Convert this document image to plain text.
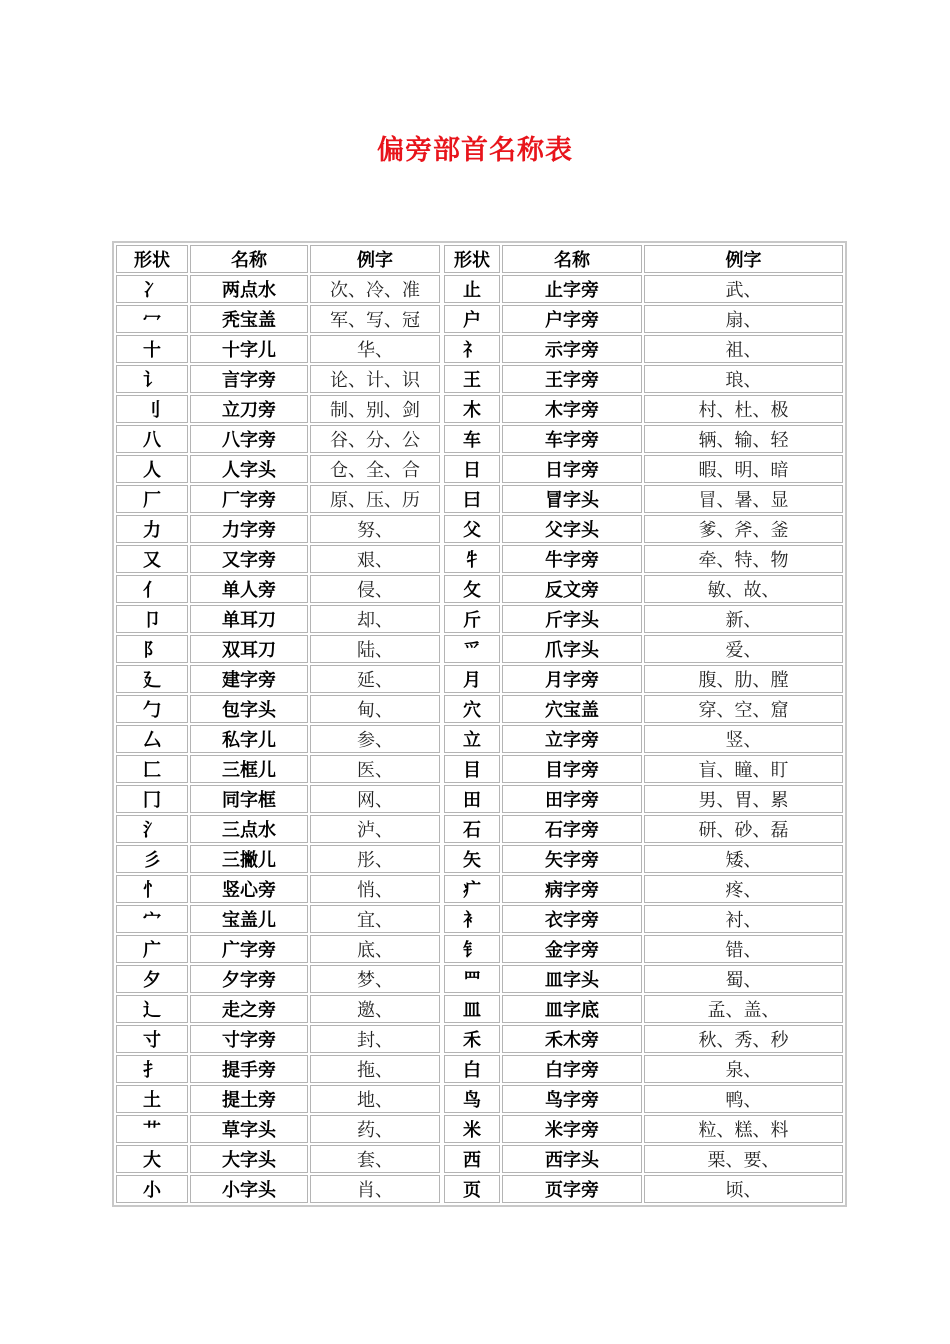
偏旁部首名称表
形状	名称	例字		形状	名称	例字
冫	两点水	次、冷、准		止	止字旁	武、
冖	秃宝盖	军、写、冠		户	户字旁	扇、
十	十字儿	华、		礻	示字旁	祖、
讠	言字旁	论、计、识		王	王字旁	琅、
刂	立刀旁	制、别、剑		木	木字旁	村、杜、极
八	八字旁	谷、分、公		车	车字旁	辆、输、轻
人	人字头	仓、全、合		日	日字旁	暇、明、暗
厂	厂字旁	原、压、历		曰	冒字头	冒、暑、显
力	力字旁	努、		父	父字头	爹、斧、釜
又	又字旁	艰、		牜	牛字旁	牵、特、物
亻	单人旁	侵、		攵	反文旁	敏、故、
卩	单耳刀	却、		斤	斤字头	新、
阝	双耳刀	陆、		爫	爪字头	爱、
廴	建字旁	延、		月	月字旁	腹、肋、膛
勹	包字头	甸、		穴	穴宝盖	穿、空、窟
厶	私字儿	参、		立	立字旁	竖、
匚	三框儿	医、		目	目字旁	盲、瞳、盯
冂	同字框	网、		田	田字旁	男、胃、累
氵	三点水	泸、		石	石字旁	研、砂、磊
彡	三撇儿	彤、		矢	矢字旁	矮、
忄	竖心旁	悄、		疒	病字旁	疼、
宀	宝盖儿	宜、		衤	衣字旁	衬、
广	广字旁	底、		钅	金字旁	错、
夕	夕字旁	梦、		罒	皿字头	蜀、
辶	走之旁	邀、		皿	皿字底	孟、盖、
寸	寸字旁	封、		禾	禾木旁	秋、秀、秒
扌	提手旁	拖、		白	白字旁	泉、
土	提土旁	地、		鸟	鸟字旁	鸭、
艹	草字头	药、		米	米字旁	粒、糕、料
大	大字头	套、		西	西字头	栗、要、
小	小字头	肖、		页	页字旁	顷、
